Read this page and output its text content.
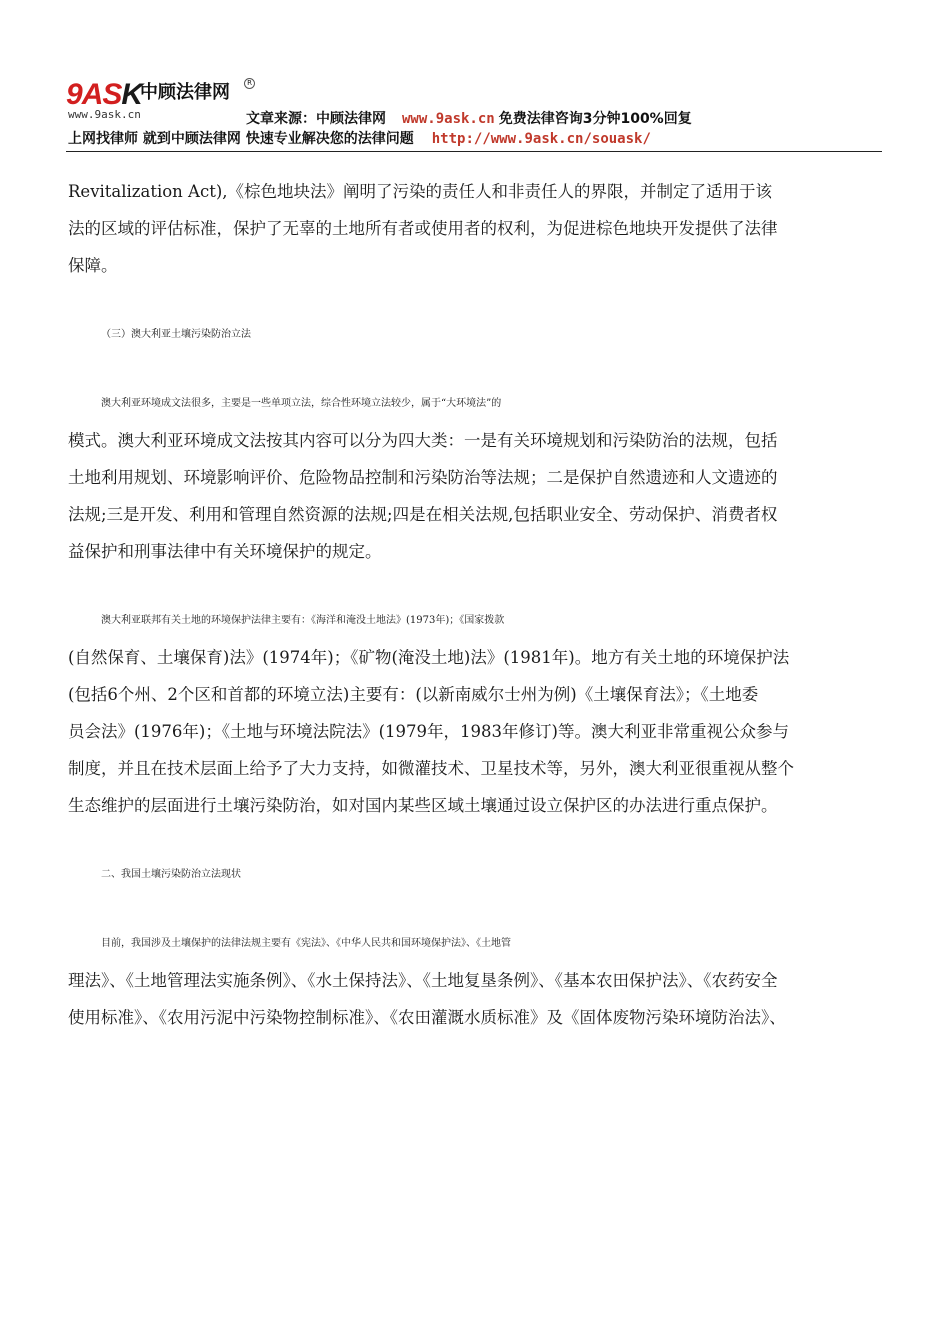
9ASK
中顾法律网	R
www.9ask.cn	文章来源：中顾法律网 www.9ask.cn 免费法律咨询3分钟100%回复
上网找律师 就到中顾法律网 快速专业解决您的法律问题 http://www.9ask.cn/souask/
Revitalization Act),《棕色地块法》阐明了污染的责任人和非责任人的界限，并制定了适用于该
法的区域的评估标准，保护了无辜的土地所有者或使用者的权利，为促进棕色地块开发提供了法律
保障。
（三）澳大利亚土壤污染防治立法
澳大利亚环境成文法很多，主要是一些单项立法，综合性环境立法较少，属于“大环境法”的
模式。澳大利亚环境成文法按其内容可以分为四大类：一是有关环境规划和污染防治的法规，包括
土地利用规划、环境影响评价、危险物品控制和污染防治等法规；二是保护自然遗迹和人文遗迹的
法规;三是开发、利用和管理自然资源的法规;四是在相关法规,包括职业安全、劳动保护、消费者权
益保护和刑事法律中有关环境保护的规定。
澳大利亚联邦有关土地的环境保护法律主要有：《海洋和淹没土地法》(1973年)；《国家拨款
(自然保育、土壤保育)法》(1974年)；《矿物(淹没土地)法》(1981年)。地方有关土地的环境保护法
(包括6个州、2个区和首都的环境立法)主要有：(以新南威尔士州为例)《土壤保育法》；《土地委
员会法》(1976年)；《土地与环境法院法》(1979年，1983年修订)等。澳大利亚非常重视公众参与
制度，并且在技术层面上给予了大力支持，如微灌技术、卫星技术等，另外，澳大利亚很重视从整个
生态维护的层面进行土壤污染防治，如对国内某些区域土壤通过设立保护区的办法进行重点保护。
二、我国土壤污染防治立法现状
目前，我国涉及土壤保护的法律法规主要有《宪法》、《中华人民共和国环境保护法》、《土地管
理法》、《土地管理法实施条例》、《水土保持法》、《土地复垦条例》、《基本农田保护法》、《农药安全
使用标准》、《农用污泥中污染物控制标准》、《农田灌溉水质标准》及《固体废物污染环境防治法》、
